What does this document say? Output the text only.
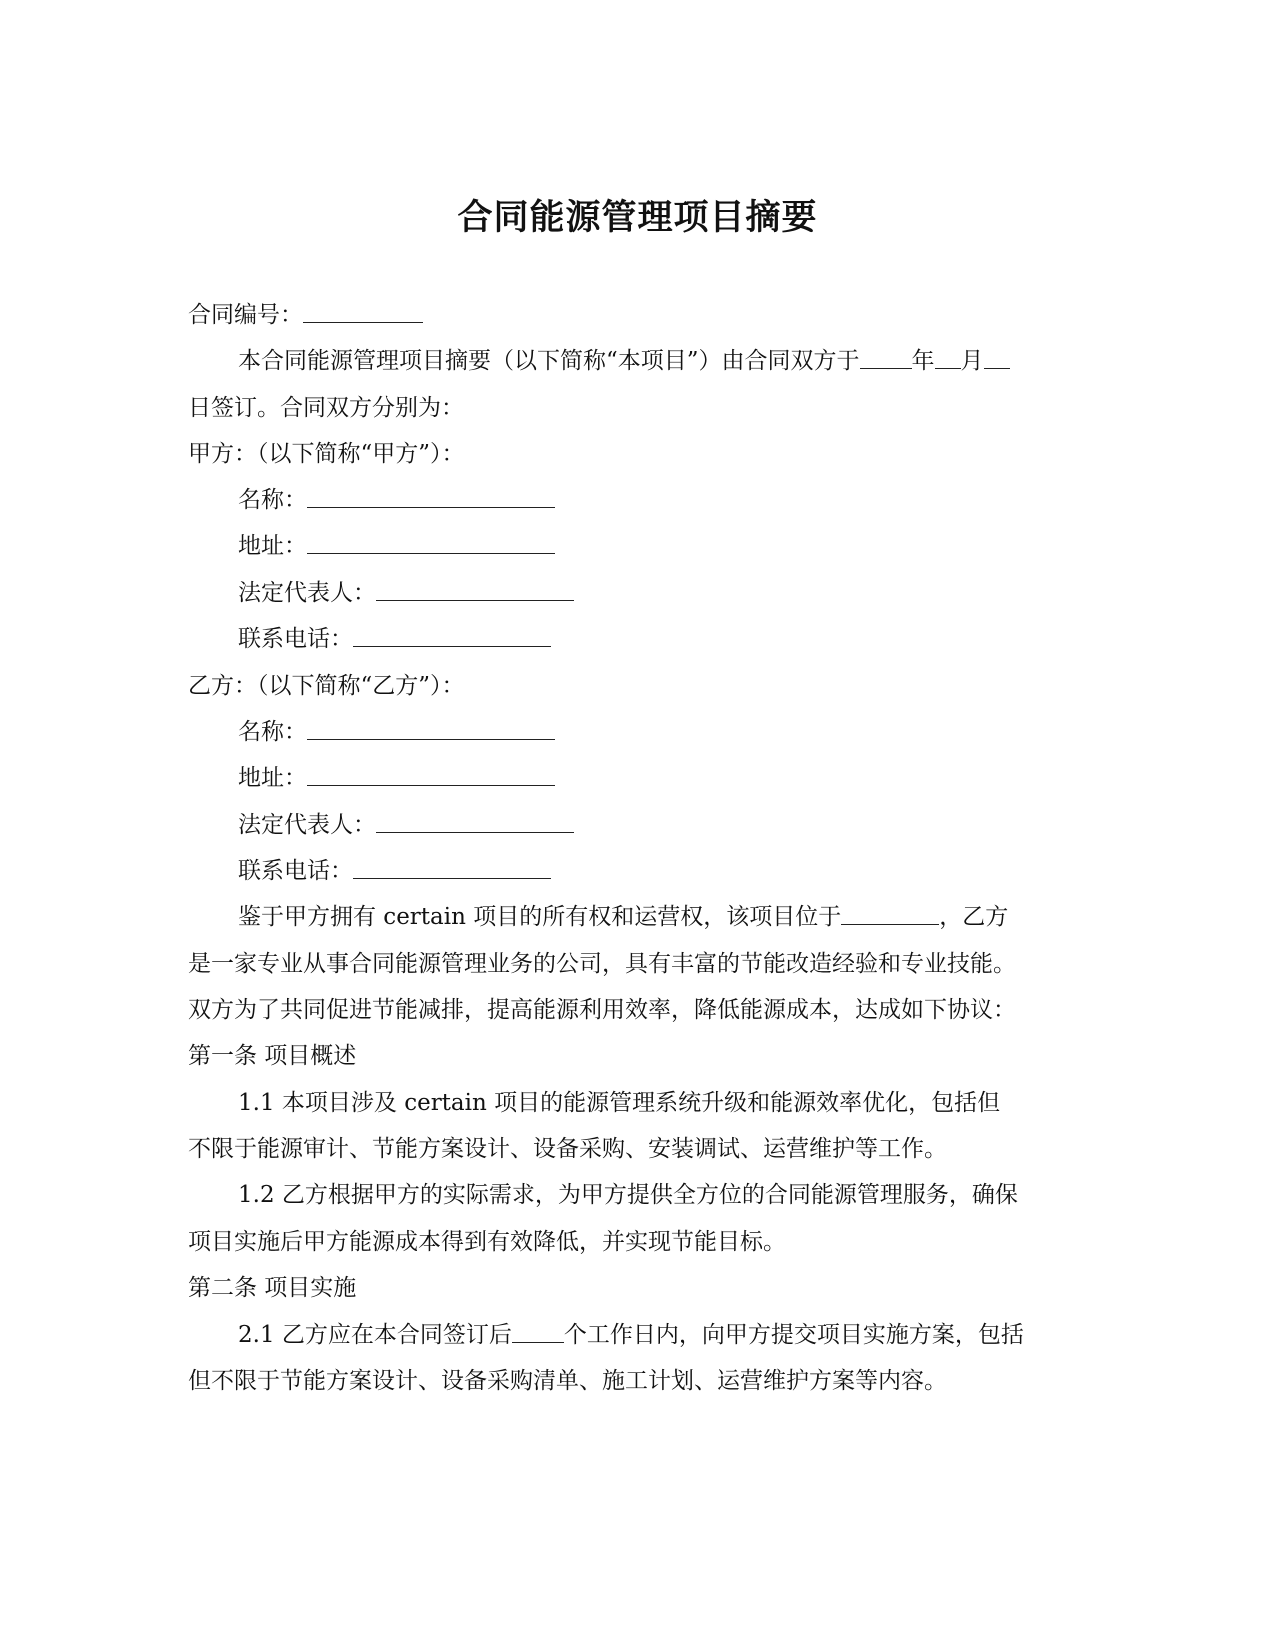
合同能源管理项目摘要
合同编号：
本合同能源管理项目摘要（以下简称“本项目”）由合同双方于 年 月
日签订。合同双方分别为：
甲方：（以下简称“甲方”）：
名称：
地址：
法定代表人：
联系电话：
乙方：（以下简称“乙方”）：
名称：
地址：
法定代表人：
联系电话：
鉴于甲方拥有 certain 项目的所有权和运营权，该项目位于	，乙方
是一家专业从事合同能源管理业务的公司，具有丰富的节能改造经验和专业技能。
双方为了共同促进节能减排，提高能源利用效率，降低能源成本，达成如下协议：
第一条 项目概述
1.1 本项目涉及 certain 项目的能源管理系统升级和能源效率优化，包括但
不限于能源审计、节能方案设计、设备采购、安装调试、运营维护等工作。
1.2 乙方根据甲方的实际需求，为甲方提供全方位的合同能源管理服务，确保
项目实施后甲方能源成本得到有效降低，并实现节能目标。
第二条 项目实施
2.1 乙方应在本合同签订后 个工作日内，向甲方提交项目实施方案，包括
但不限于节能方案设计、设备采购清单、施工计划、运营维护方案等内容。
